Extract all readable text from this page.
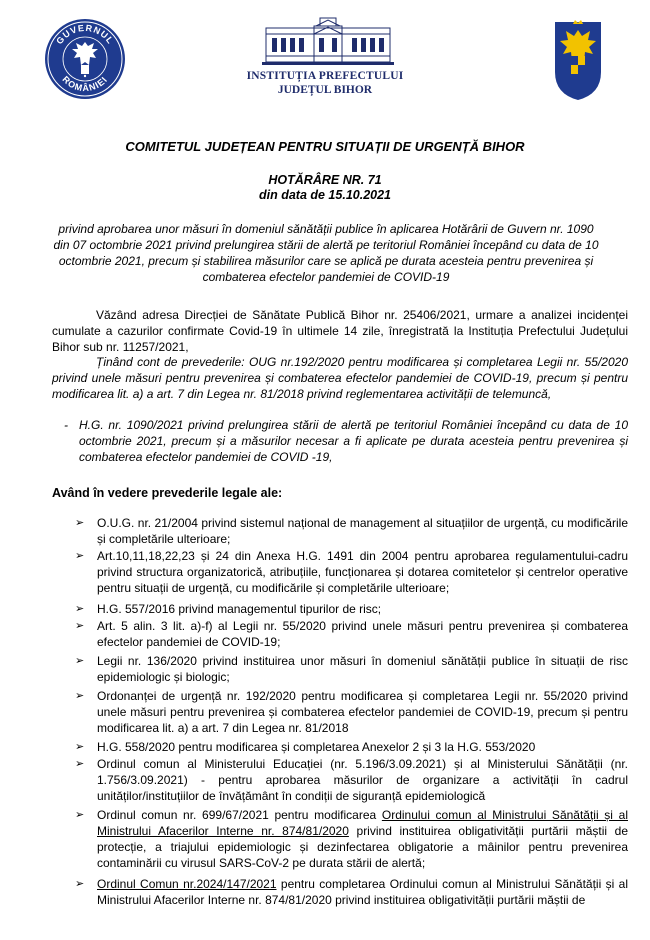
GUVERNUL
ROMÂNIEI	INSTITUȚIA PREFECTULUI
JUDEȚUL BIHOR
COMITETUL JUDEȚEAN PENTRU SITUAȚII DE URGENȚĂ BIHOR
HOTĂRÂRE NR. 71
din data de 15.10.2021
privind aprobarea unor măsuri în domeniul sănătății publice în aplicarea Hotărârii de Guvern nr. 1090 din 07 octombrie 2021 privind prelungirea stării de alertă pe teritoriul României începând cu data de 10 octombrie 2021, precum și stabilirea măsurilor care se aplică pe durata acesteia pentru prevenirea și combaterea efectelor pandemiei de COVID-19
Văzând adresa Direcției de Sănătate Publică Bihor nr. 25406/2021, urmare a analizei incidenței cumulate a cazurilor confirmate Covid-19 în ultimele 14 zile, înregistrată la Instituția Prefectului Județului Bihor sub nr. 11257/2021,
Ținând cont de prevederile: OUG nr.192/2020 pentru modificarea și completarea Legii nr. 55/2020 privind unele măsuri pentru prevenirea și combaterea efectelor pandemiei de COVID-19, precum și pentru modificarea lit. a) a art. 7 din Legea nr. 81/2018 privind reglementarea activității de telemuncă,
- H.G. nr. 1090/2021 privind prelungirea stării de alertă pe teritoriul României începând cu data de 10 octombrie 2021, precum și a măsurilor necesar a fi aplicate pe durata acesteia pentru prevenirea și combaterea efectelor pandemiei de COVID -19,
Având în vedere prevederile legale ale:
➢	O.U.G. nr. 21/2004 privind sistemul național de management al situațiilor de urgență, cu modificările și completările ulterioare;
➢	Art.10,11,18,22,23 și 24 din Anexa H.G. 1491 din 2004 pentru aprobarea regulamentului-cadru privind structura organizatorică, atribuțiile, funcționarea și dotarea comitetelor și centrelor operative pentru situații de urgență, cu modificările și completările ulterioare;
➢	H.G. 557/2016 privind managementul tipurilor de risc;
➢	Art. 5 alin. 3 lit. a)-f) al Legii nr. 55/2020 privind unele măsuri pentru prevenirea și combaterea efectelor pandemiei de COVID-19;
➢	Legii nr. 136/2020 privind instituirea unor măsuri în domeniul sănătății publice în situații de risc epidemiologic și biologic;
➢	Ordonanței de urgență nr. 192/2020 pentru modificarea și completarea Legii nr. 55/2020 privind unele măsuri pentru prevenirea și combaterea efectelor pandemiei de COVID-19, precum și pentru modificarea lit. a) a art. 7 din Legea nr. 81/2018
➢	H.G. 558/2020 pentru modificarea și completarea Anexelor 2 și 3 la H.G. 553/2020
➢	Ordinul comun al Ministerului Educației (nr. 5.196/3.09.2021) și al Ministerului Sănătății (nr. 1.756/3.09.2021) - pentru aprobarea măsurilor de organizare a activității în cadrul unităților/instituțiilor de învățământ în condiții de siguranță epidemiologică
➢	Ordinul comun nr. 699/67/2021 pentru modificarea Ordinului comun al Ministrului Sănătății și al Ministrului Afacerilor Interne nr. 874/81/2020 privind instituirea obligativității purtării măștii de protecție, a triajului epidemiologic și dezinfectarea obligatorie a mâinilor pentru prevenirea contaminării cu virusul SARS-CoV-2 pe durata stării de alertă;
➢	Ordinul Comun nr.2024/147/2021 pentru completarea Ordinului comun al Ministrului Sănătății și al Ministrului Afacerilor Interne nr. 874/81/2020 privind instituirea obligativității purtării măștii de
